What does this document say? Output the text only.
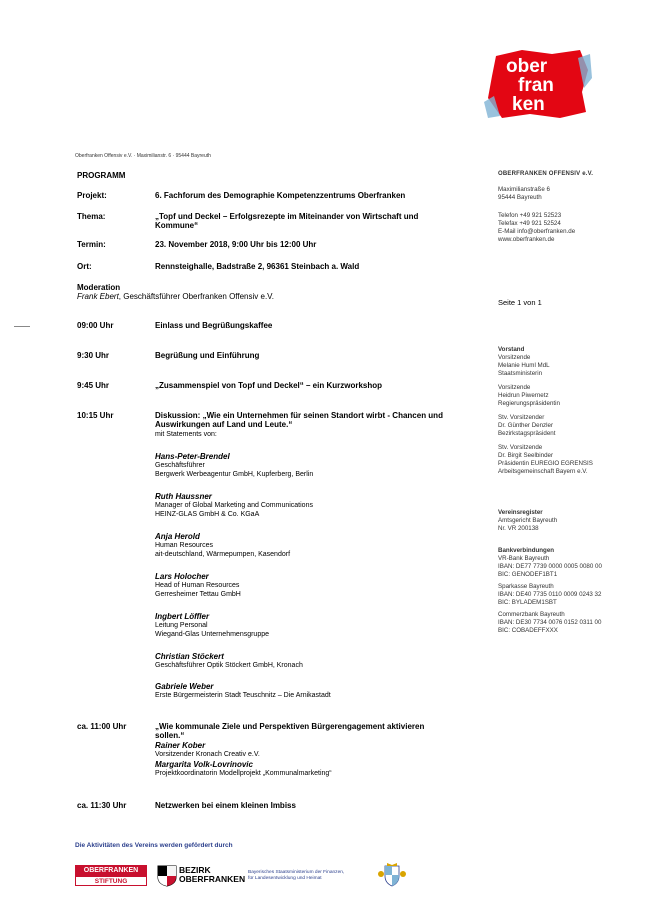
ober
fran
ken
Oberfranken Offensiv e.V. · Maximilianstr. 6 · 95444 Bayreuth
PROGRAMM
Projekt:	6. Fachforum des Demographie Kompetenzzentrums Oberfranken
Thema:	„Topf und Deckel – Erfolgsrezepte im Miteinander von Wirtschaft und
Kommune“
Termin:	23. November 2018, 9:00 Uhr bis 12:00 Uhr
Ort:	Rennsteighalle, Badstraße 2, 96361 Steinbach a. Wald
Moderation
Frank Ebert, Geschäftsführer Oberfranken Offensiv e.V.
09:00 Uhr	Einlass und Begrüßungskaffee
9:30 Uhr	Begrüßung und Einführung
9:45 Uhr	„Zusammenspiel von Topf und Deckel“ – ein Kurzworkshop
10:15 Uhr	Diskussion: „Wie ein Unternehmen für seinen Standort wirbt - Chancen und
Auswirkungen auf Land und Leute.“
mit Statements von:
Hans-Peter-Brendel
Geschäftsführer
Bergwerk Werbeagentur GmbH, Kupferberg, Berlin
Ruth Haussner
Manager of Global Marketing and Communications
HEINZ-GLAS GmbH & Co. KGaA
Anja Herold
Human Resources
ait-deutschland, Wärmepumpen, Kasendorf
Lars Holocher
Head of Human Resources
Gerresheimer Tettau GmbH
Ingbert Löffler
Leitung Personal
Wiegand-Glas Unternehmensgruppe
Christian Stöckert
Geschäftsführer Optik Stöckert GmbH, Kronach
Gabriele Weber
Erste Bürgermeisterin Stadt Teuschnitz – Die Arnikastadt
ca. 11:00 Uhr	„Wie kommunale Ziele und Perspektiven Bürgerengagement aktivieren
sollen.“
Rainer Kober
Vorsitzender Kronach Creativ e.V.
Margarita Volk-Lovrinovic
Projektkoordinatorin Modellprojekt „Kommunalmarketing“
ca. 11:30 Uhr	Netzwerken bei einem kleinen Imbiss
OBERFRANKEN OFFENSIV e.V.
Maximilianstraße 6
95444 Bayreuth
Telefon +49 921 52523
Telefax +49 921 52524
E-Mail info@oberfranken.de
www.oberfranken.de
Seite 1 von 1
Vorstand
Vorsitzende
Melanie Huml MdL
Staatsministerin
Vorsitzende
Heidrun Piwernetz
Regierungspräsidentin
Stv. Vorsitzender
Dr. Günther Denzler
Bezirkstagspräsident
Stv. Vorsitzende
Dr. Birgit Seelbinder
Präsidentin EUREGIO EGRENSIS
Arbeitsgemeinschaft Bayern e.V.
Vereinsregister
Amtsgericht Bayreuth
Nr. VR 200138
Bankverbindungen
VR-Bank Bayreuth
IBAN: DE77 7739 0000 0005 0080 00
BIC: GENODEF1BT1
Sparkasse Bayreuth
IBAN: DE40 7735 0110 0009 0243 32
BIC: BYLADEM1SBT
Commerzbank Bayreuth
IBAN: DE30 7734 0076 0152 0311 00
BIC: COBADEFFXXX
Die Aktivitäten des Vereins werden gefördert durch
OBERFRANKEN
STIFTUNG
BEZIRK
OBERFRANKEN
Bayerisches Staatsministerium der Finanzen,
für Landesentwicklung und Heimat
